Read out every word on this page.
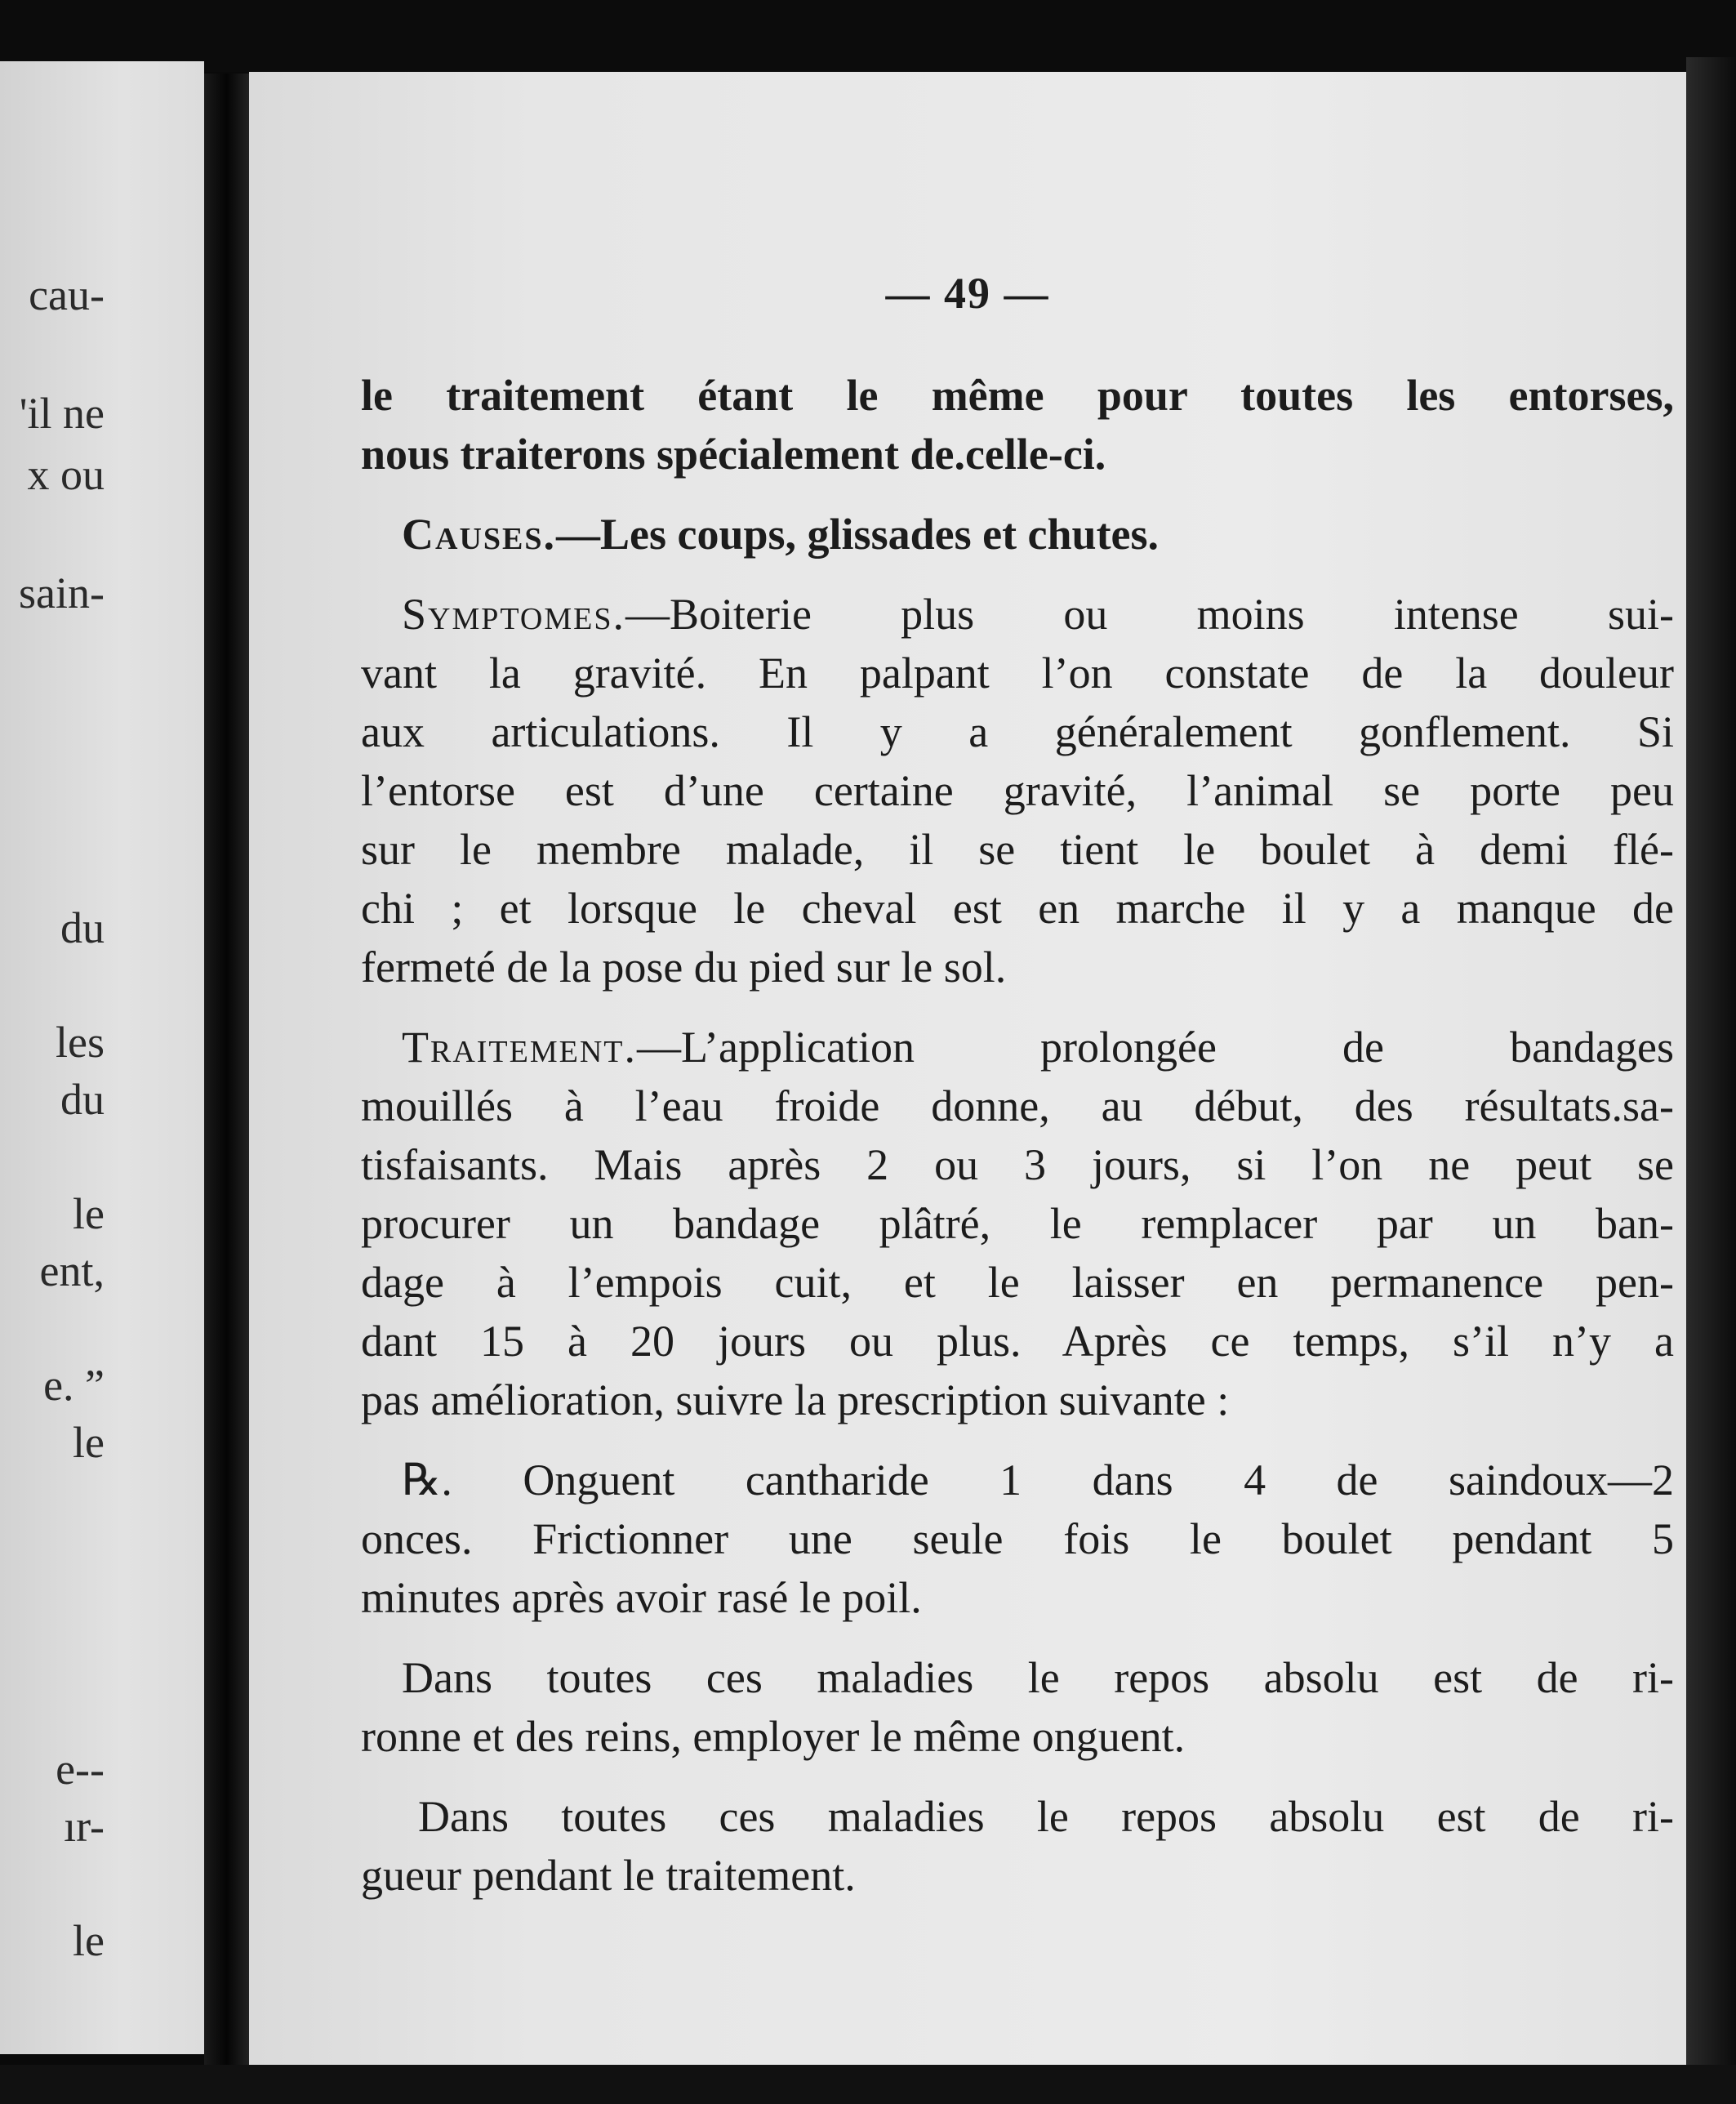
cau-
'il ne
x ou
sain-
du
les
du
le
ent,
e. ”
le
e--
ır-
le
— 49 —
le traitement étant le même pour toutes les entorses,
nous traiterons spécialement de.celle-ci.
Causes.—Les coups, glissades et chutes.
Symptomes.—Boiterie plus ou moins intense sui-
vant la gravité. En palpant l’on constate de la douleur
aux articulations. Il y a généralement gonflement. Si
l’entorse est d’une certaine gravité, l’animal se porte peu
sur le membre malade, il se tient le boulet à demi flé-
chi ; et lorsque le cheval est en marche il y a manque de
fermeté de la pose du pied sur le sol.
Traitement.—L’application prolongée de bandages
mouillés à l’eau froide donne, au début, des résultats.sa-
tisfaisants. Mais après 2 ou 3 jours, si l’on ne peut se
procurer un bandage plâtré, le remplacer par un ban-
dage à l’empois cuit, et le laisser en permanence pen-
dant 15 à 20 jours ou plus. Après ce temps, s’il n’y a
pas amélioration, suivre la prescription suivante :
℞. Onguent cantharide 1 dans 4 de saindoux—2
onces. Frictionner une seule fois le boulet pendant 5
minutes après avoir rasé le poil.
Dans toutes ces maladies le repos absolu est de ri-
ronne et des reins, employer le même onguent.
Dans toutes ces maladies le repos absolu est de ri-
gueur pendant le traitement.
